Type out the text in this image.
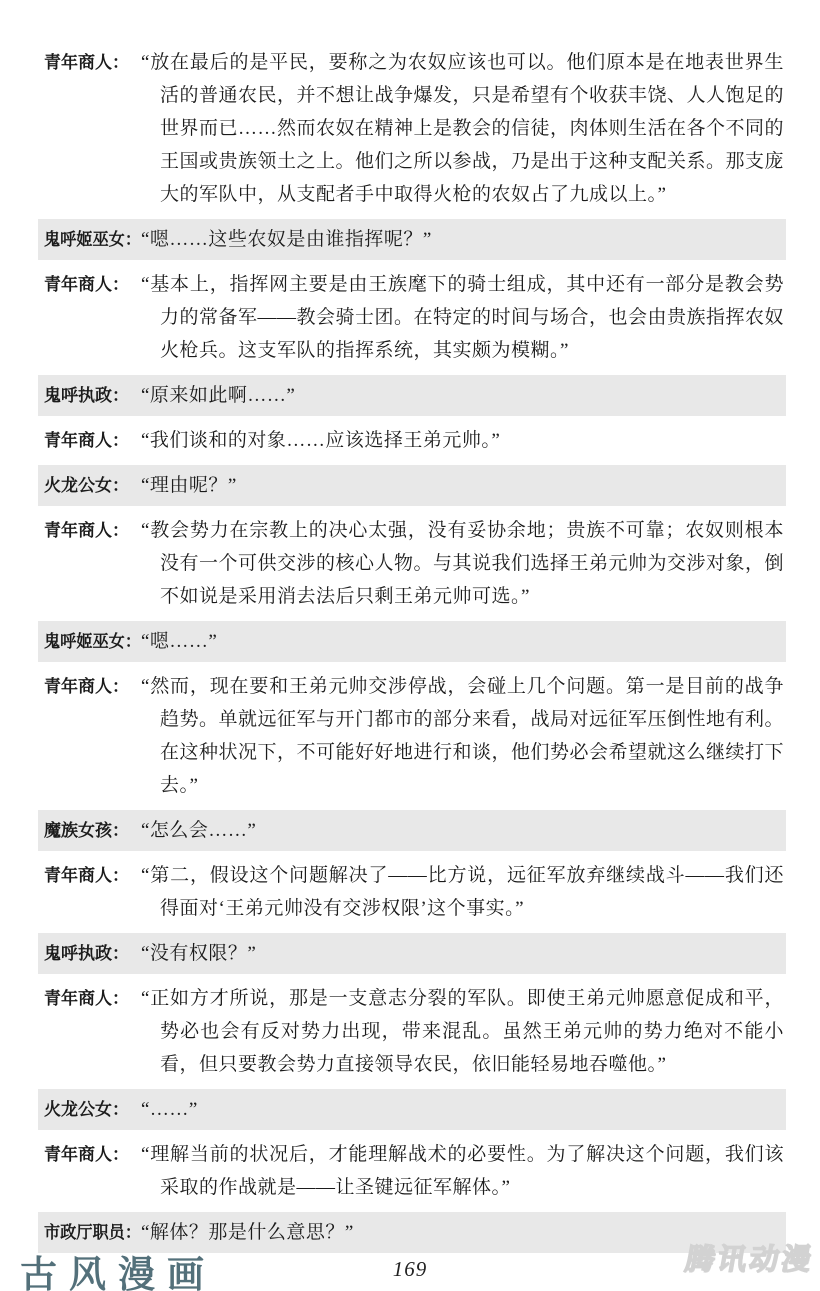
青年商人： “放在最后的是平民，要称之为农奴应该也可以。他们原本是在地表世界生活的普通农民，并不想让战争爆发，只是希望有个收获丰饶、人人饱足的世界而已……然而农奴在精神上是教会的信徒，肉体则生活在各个不同的王国或贵族领土之上。他们之所以参战，乃是出于这种支配关系。那支庞大的军队中，从支配者手中取得火枪的农奴占了九成以上。”
鬼呼姬巫女： “嗯……这些农奴是由谁指挥呢？”
青年商人： “基本上，指挥网主要是由王族麾下的骑士组成，其中还有一部分是教会势力的常备军——教会骑士团。在特定的时间与场合，也会由贵族指挥农奴火枪兵。这支军队的指挥系统，其实颇为模糊。”
鬼呼执政： “原来如此啊……”
青年商人： “我们谈和的对象……应该选择王弟元帅。”
火龙公女： “理由呢？”
青年商人： “教会势力在宗教上的决心太强，没有妥协余地；贵族不可靠；农奴则根本没有一个可供交涉的核心人物。与其说我们选择王弟元帅为交涉对象，倒不如说是采用消去法后只剩王弟元帅可选。”
鬼呼姬巫女： “嗯……”
青年商人： “然而，现在要和王弟元帅交涉停战，会碰上几个问题。第一是目前的战争趋势。单就远征军与开门都市的部分来看，战局对远征军压倒性地有利。在这种状况下，不可能好好地进行和谈，他们势必会希望就这么继续打下去。”
魔族女孩： “怎么会……”
青年商人： “第二，假设这个问题解决了——比方说，远征军放弃继续战斗——我们还得面对‘王弟元帅没有交涉权限’这个事实。”
鬼呼执政： “没有权限？”
青年商人： “正如方才所说，那是一支意志分裂的军队。即使王弟元帅愿意促成和平，势必也会有反对势力出现，带来混乱。虽然王弟元帅的势力绝对不能小看，但只要教会势力直接领导农民，依旧能轻易地吞噬他。”
火龙公女： “……”
青年商人： “理解当前的状况后，才能理解战术的必要性。为了解决这个问题，我们该采取的作战就是——让圣键远征军解体。”
市政厅职员： “解体？那是什么意思？”
古风漫画	169	腾讯动漫
